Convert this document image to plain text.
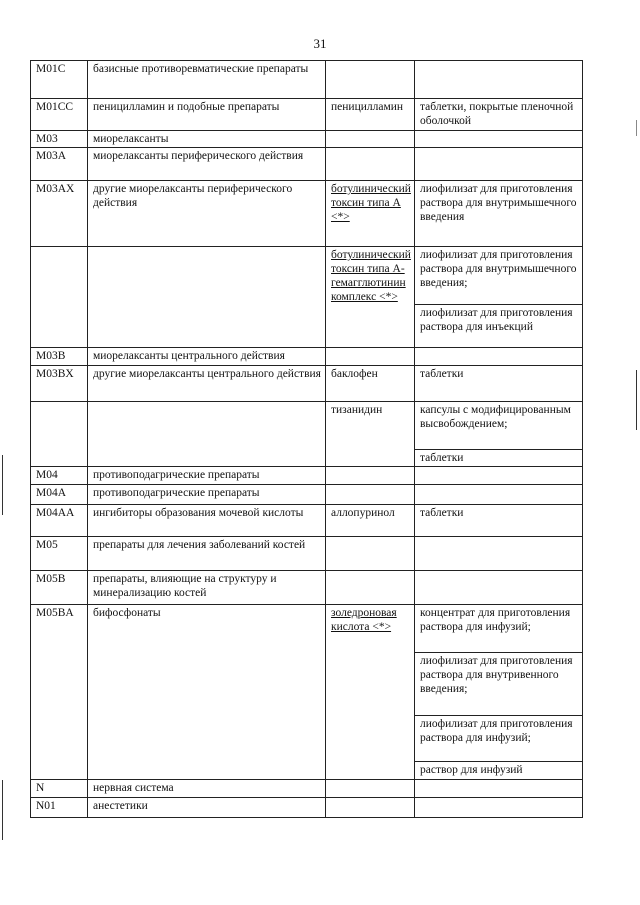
31
M01C	базисные противоревматические препараты		
M01CC	пеницилламин и подобные препараты	пеницилламин	таблетки, покрытые пленочной оболочкой
M03	миорелаксанты		
M03A	миорелаксанты периферического действия		
M03AX	другие миорелаксанты периферического действия	ботулинический токсин типа A <*>	лиофилизат для приготовления раствора для внутримышечного введения
		ботулинический токсин типа A-гемагглютинин комплекс <*>	лиофилизат для приготовления раствора для внутримышечного введения;
			лиофилизат для приготовления раствора для инъекций
M03B	миорелаксанты центрального действия		
M03BX	другие миорелаксанты центрального действия	баклофен	таблетки
		тизанидин	капсулы с модифицированным высвобождением;
			таблетки
M04	противоподагрические препараты		
M04A	противоподагрические препараты		
M04AA	ингибиторы образования мочевой кислоты	аллопуринол	таблетки
M05	препараты для лечения заболеваний костей		
M05B	препараты, влияющие на структуру и минерализацию костей		
M05BA	бифосфонаты	золедроновая кислота <*>	концентрат для приготовления раствора для инфузий;
			лиофилизат для приготовления раствора для внутривенного введения;
			лиофилизат для приготовления раствора для инфузий;
			раствор для инфузий
N	нервная система		
N01	анестетики		
